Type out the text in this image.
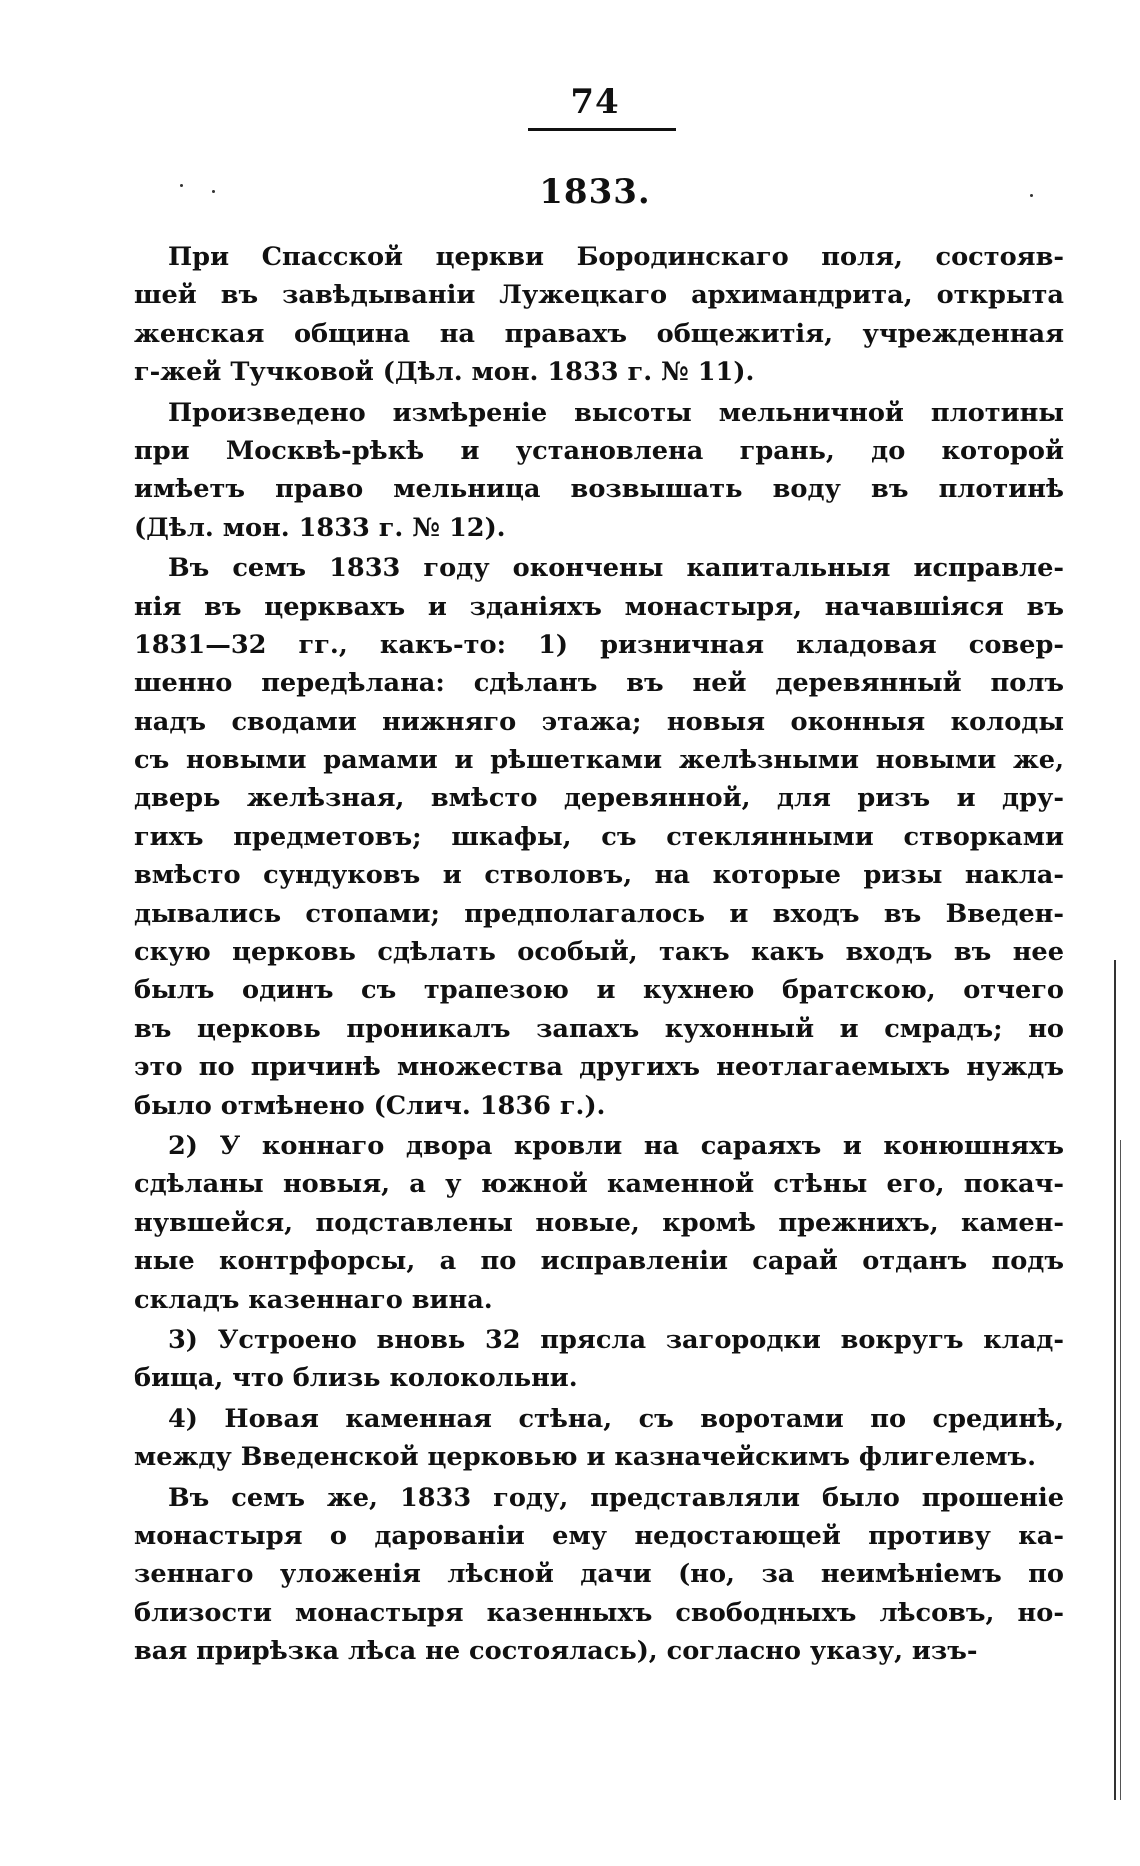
74
1833.
При Спасской церкви Бородинскаго поля, состояв-
шей въ завѣдываніи Лужецкаго архимандрита, открыта
женская община на правахъ общежитія, учрежденная
г-жей Тучковой (Дѣл. мон. 1833 г. № 11).
Произведено измѣреніе высоты мельничной плотины
при Москвѣ-рѣкѣ и установлена грань, до которой
имѣетъ право мельница возвышать воду въ плотинѣ
(Дѣл. мон. 1833 г. № 12).
Въ семъ 1833 году окончены капитальныя исправле-
нія въ церквахъ и зданіяхъ монастыря, начавшіяся въ
1831—32 гг., какъ-то: 1) ризничная кладовая совер-
шенно передѣлана: сдѣланъ въ ней деревянный полъ
надъ сводами нижняго этажа; новыя оконныя колоды
съ новыми рамами и рѣшетками желѣзными новыми же,
дверь желѣзная, вмѣсто деревянной, для ризъ и дру-
гихъ предметовъ; шкафы, съ стеклянными створками
вмѣсто сундуковъ и стволовъ, на которые ризы накла-
дывались стопами; предполагалось и входъ въ Введен-
скую церковь сдѣлать особый, такъ какъ входъ въ нее
былъ одинъ съ трапезою и кухнею братскою, отчего
въ церковь проникалъ запахъ кухонный и смрадъ; но
это по причинѣ множества другихъ неотлагаемыхъ нуждъ
было отмѣнено (Слич. 1836 г.).
2) У коннаго двора кровли на сараяхъ и конюшняхъ
сдѣланы новыя, а у южной каменной стѣны его, покач-
нувшейся, подставлены новые, кромѣ прежнихъ, камен-
ные контрфорсы, а по исправленіи сарай отданъ подъ
складъ казеннаго вина.
3) Устроено вновь 32 прясла загородки вокругъ клад-
бища, что близь колокольни.
4) Новая каменная стѣна, съ воротами по срединѣ,
между Введенской церковью и казначейскимъ флигелемъ.
Въ семъ же, 1833 году, представляли было прошеніе
монастыря о дарованіи ему недостающей противу ка-
зеннаго уложенія лѣсной дачи (но, за неимѣніемъ по
близости монастыря казенныхъ свободныхъ лѣсовъ, но-
вая прирѣзка лѣса не состоялась), согласно указу, изъ-
